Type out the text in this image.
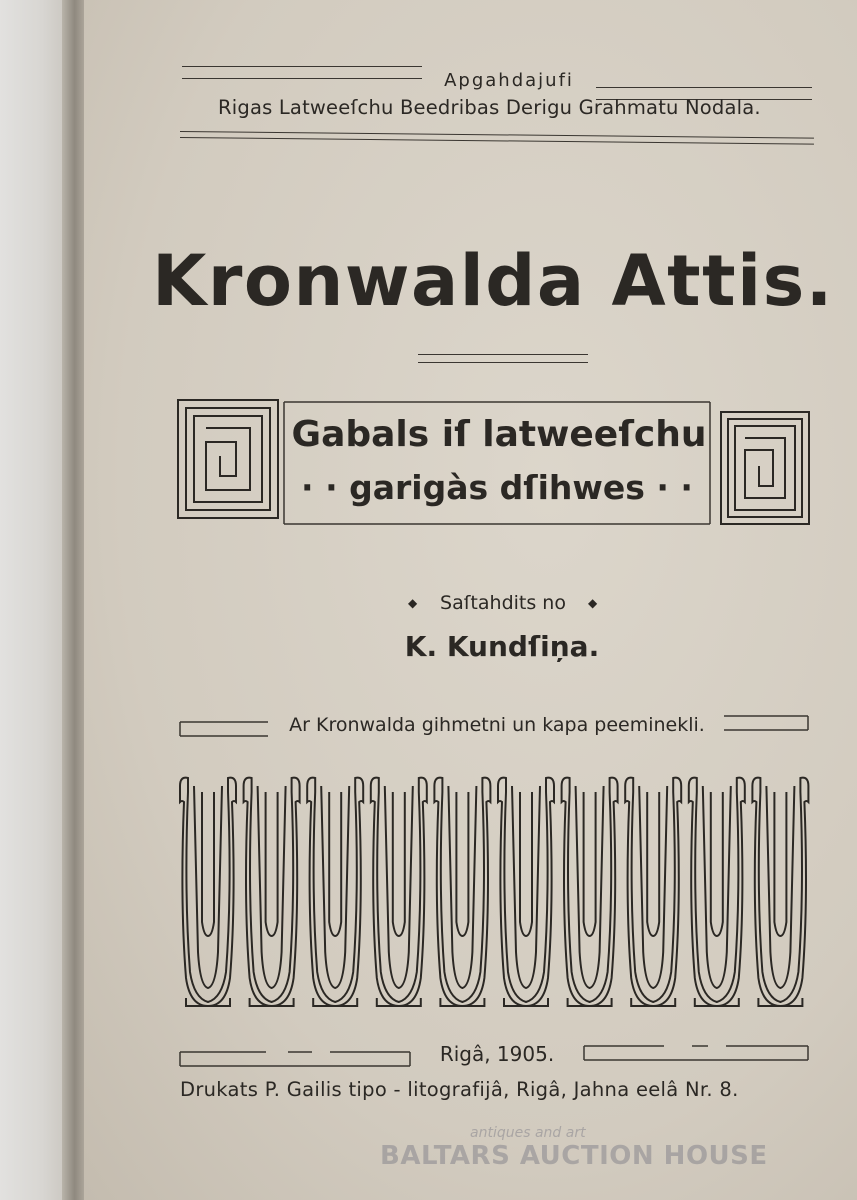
Apgahdajufi
Rigas Latweeſchu Beedribas Derigu Grahmatu Nodala.
Kronwalda Attis.
Gabals iſ latweeſchu
· · garigàs dſihwes · ·
◆ Saſtahdits no ◆
K. Kundſiņa.
Ar Kronwalda gihmetni un kapa peeminekli.
Rigâ, 1905.
Drukats P. Gailis tipo - litografijâ, Rigâ, Jahna eelâ Nr. 8.
antiques and art
BALTARS AUCTION HOUSE
